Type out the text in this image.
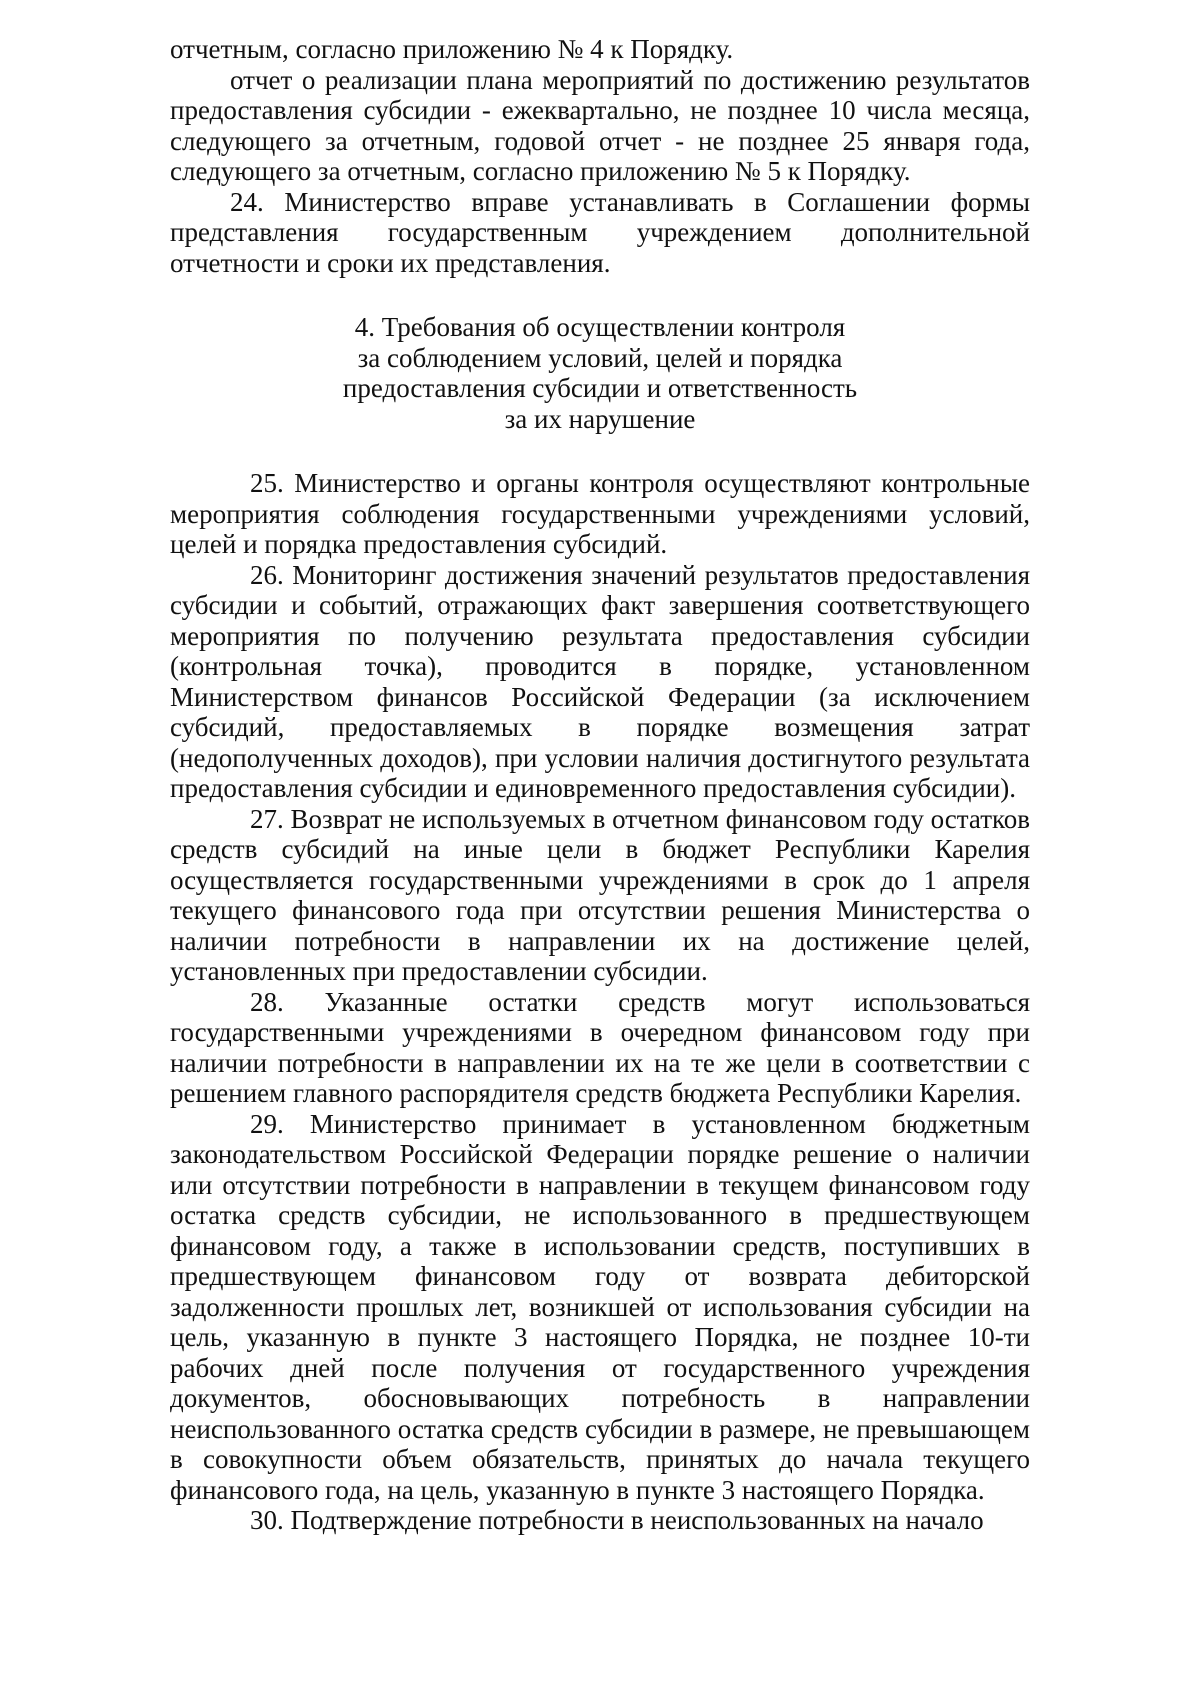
отчетным, согласно приложению № 4 к Порядку.

отчет о реализации плана мероприятий по достижению результатов предоставления субсидии - ежеквартально, не позднее 10 числа месяца, следующего за отчетным, годовой отчет - не позднее 25 января года, следующего за отчетным, согласно приложению № 5 к Порядку.

24. Министерство вправе устанавливать в Соглашении формы представления государственным учреждением дополнительной отчетности и сроки их представления.

4. Требования об осуществлении контроля
за соблюдением условий, целей и порядка
предоставления субсидии и ответственность
за их нарушение

25. Министерство и органы контроля осуществляют контрольные мероприятия соблюдения государственными учреждениями условий, целей и порядка предоставления субсидий.

26. Мониторинг достижения значений результатов предоставления субсидии и событий, отражающих факт завершения соответствующего мероприятия по получению результата предоставления субсидии (контрольная точка), проводится в порядке, установленном Министерством финансов Российской Федерации (за исключением субсидий, предоставляемых в порядке возмещения затрат (недополученных доходов), при условии наличия достигнутого результата предоставления субсидии и единовременного предоставления субсидии).

27. Возврат не используемых в отчетном финансовом году остатков средств субсидий на иные цели в бюджет Республики Карелия осуществляется государственными учреждениями в срок до 1 апреля текущего финансового года при отсутствии решения Министерства о наличии потребности в направлении их на достижение целей, установленных при предоставлении субсидии.

28. Указанные остатки средств могут использоваться государственными учреждениями в очередном финансовом году при наличии потребности в направлении их на те же цели в соответствии с решением главного распорядителя средств бюджета Республики Карелия.

29. Министерство принимает в установленном бюджетным законодательством Российской Федерации порядке решение о наличии или отсутствии потребности в направлении в текущем финансовом году остатка средств субсидии, не использованного в предшествующем финансовом году, а также в использовании средств, поступивших в предшествующем финансовом году от возврата дебиторской задолженности прошлых лет, возникшей от использования субсидии на цель, указанную в пункте 3 настоящего Порядка, не позднее 10-ти рабочих дней после получения от государственного учреждения документов, обосновывающих потребность в направлении неиспользованного остатка средств субсидии в размере, не превышающем в совокупности объем обязательств, принятых до начала текущего финансового года, на цель, указанную в пункте 3 настоящего Порядка.

30. Подтверждение потребности в неиспользованных на начало
